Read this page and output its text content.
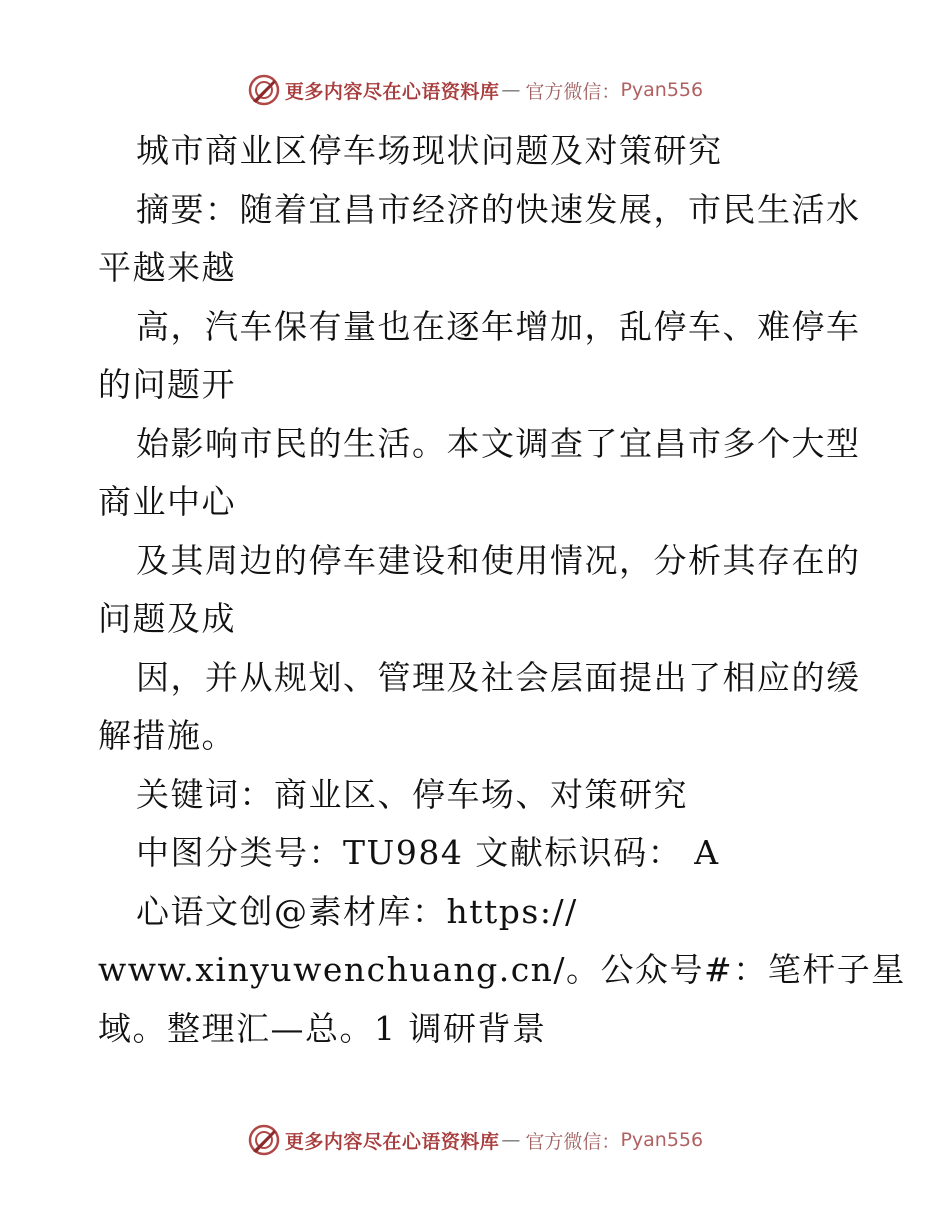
更多内容尽在心语资料库 — 官方微信： Pyan556

城市商业区停车场现状问题及对策研究

摘要：随着宜昌市经济的快速发展，市民生活水

平越来越

高，汽车保有量也在逐年增加，乱停车、难停车

的问题开

始影响市民的生活。本文调查了宜昌市多个大型

商业中心

及其周边的停车建设和使用情况，分析其存在的

问题及成

因，并从规划、管理及社会层面提出了相应的缓

解措施。

关键词：商业区、停车场、对策研究

中图分类号：TU984 文献标识码： A

心语文创@素材库：https://

www.xinyuwenchuang.cn/。公众号#：笔杆子星

域。整理汇—总。1 调研背景

更多内容尽在心语资料库 — 官方微信： Pyan556
